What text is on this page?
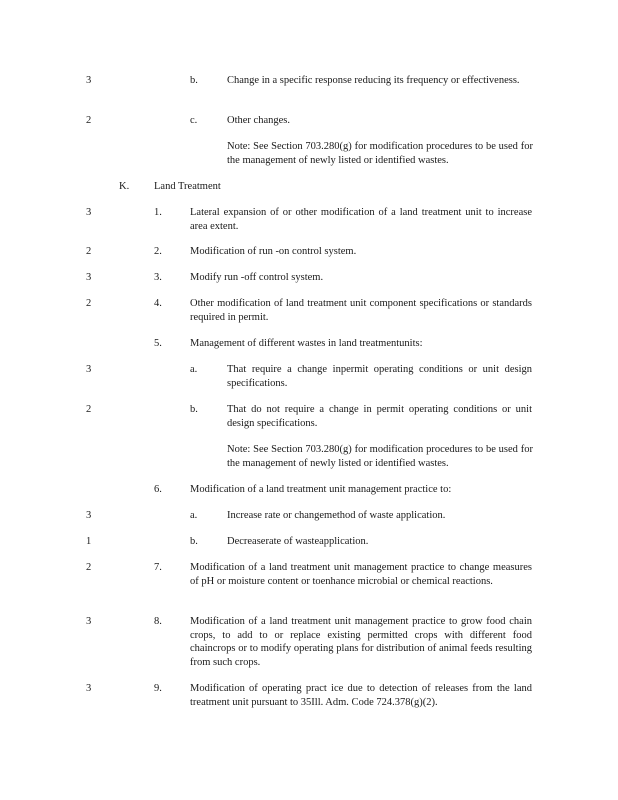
3	b.	Change in a specific response reducing its frequency or effectiveness.
2	c.	Other changes.
Note: See Section 703.280(g) for modification procedures to be used for the management of newly listed or identified wastes.
K. Land Treatment
3	1.	Lateral expansion of or other modification of a land treatment unit to increase area extent.
2	2.	Modification of run -on control system.
3	3.	Modify run -off control system.
2	4.	Other modification of land treatment unit component specifications or standards required in permit.
5.	Management of different wastes in land treatmentunits:
3	a.	That require a change inpermit operating conditions or unit design specifications.
2	b.	That do not require a change in permit operating conditions or unit design specifications.
Note: See Section 703.280(g) for modification procedures to be used for the management of newly listed or identified wastes.
6.	Modification of a land treatment unit management practice to:
3	a.	Increase rate or changemethod of waste application.
1	b.	Decreaserate of wasteapplication.
2	7.	Modification of a land treatment unit management practice to change measures of pH or moisture content or toenhance microbial or chemical reactions.
3	8.	Modification of a land treatment unit management practice to grow food chain crops, to add to or replace existing permitted crops with different food chaincrops or to modify operating plans for distribution of animal feeds resulting from such crops.
3	9.	Modification of operating pract ice due to detection of releases from the land treatment unit pursuant to 35Ill. Adm. Code 724.378(g)(2).
